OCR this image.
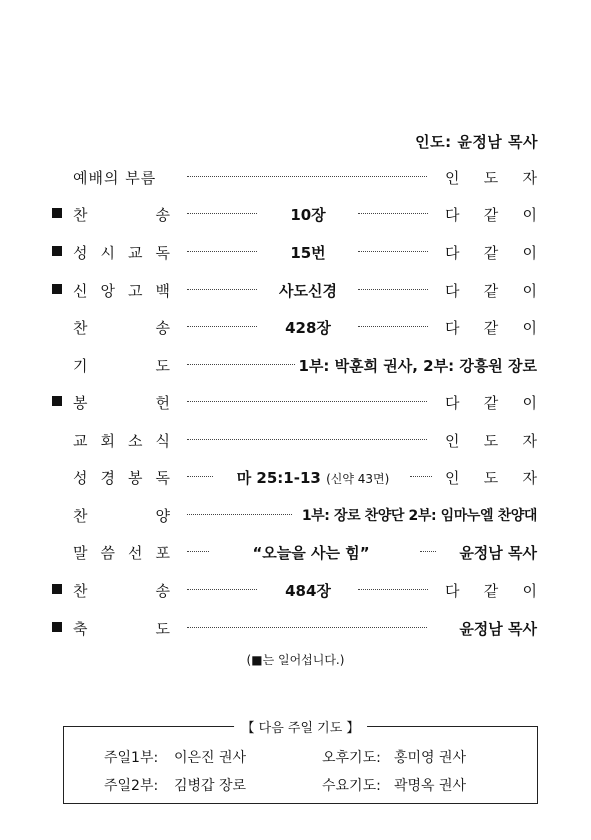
인도: 윤정남 목사
예배의 부름	인 도 자
찬	송	10장	다 같 이
성 시 교 독	15번	다 같 이
신 앙 고 백	사도신경	다 같 이
찬	송	428장	다 같 이
기	도	1부: 박훈희 권사, 2부: 강흥원 장로
봉	헌	다 같 이
교 회 소 식	인 도 자
성 경 봉 독	마 25:1-13 (신약 43면)	인 도 자
찬	양	1부: 장로 찬양단 2부: 임마누엘 찬양대
말 씀 선 포	“오늘을 사는 힘”	윤정남 목사
찬	송	484장	다 같 이
축	도	윤정남 목사
(■는 일어섭니다.)
【 다음 주일 기도 】
주일1부: 이은진 권사	오후기도: 홍미영 권사
주일2부: 김병갑 장로	수요기도: 곽명옥 권사
